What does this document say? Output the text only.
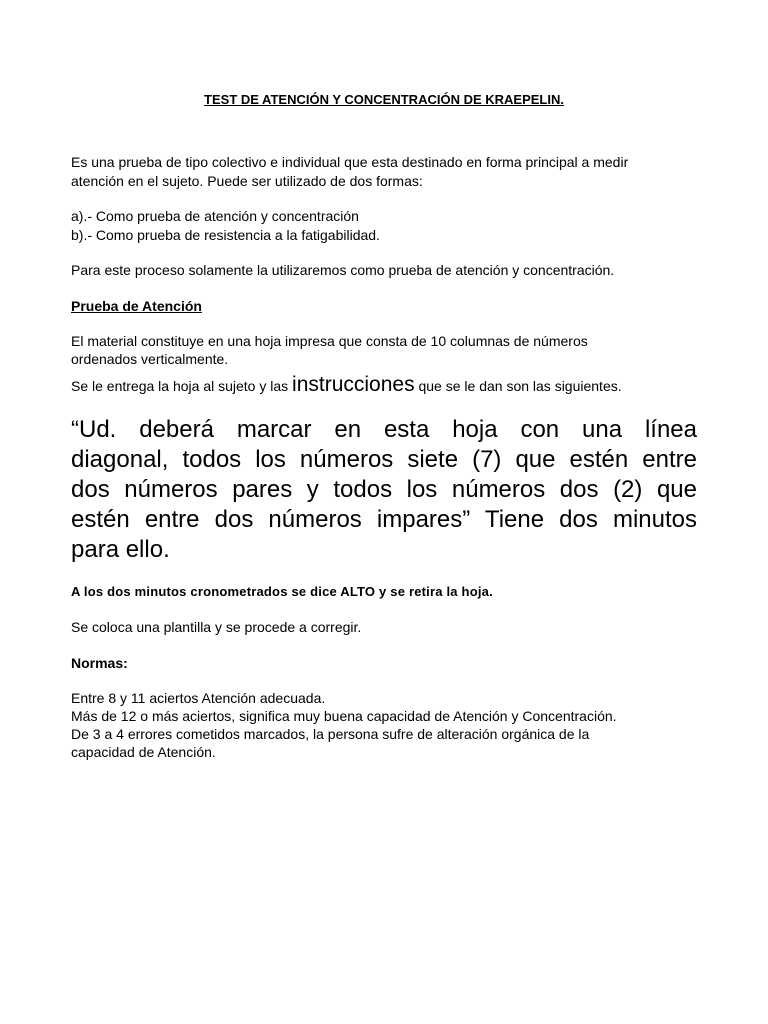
TEST DE ATENCIÓN Y CONCENTRACIÓN DE KRAEPELIN.
Es una prueba de tipo colectivo e individual que esta destinado en forma principal a medir
atención en el sujeto. Puede ser utilizado de dos formas:
a).- Como prueba de atención y concentración
b).- Como prueba de resistencia a la fatigabilidad.
Para este proceso solamente la utilizaremos como prueba de atención y concentración.
Prueba de Atención
El material constituye en una hoja impresa que consta de 10 columnas de números
ordenados verticalmente.
Se le entrega la hoja al sujeto y las instrucciones que se le dan son las siguientes.
“Ud. deberá marcar en esta hoja con una línea
diagonal, todos los números siete (7) que estén entre
dos números pares y todos los números dos (2) que
estén entre dos números impares” Tiene dos minutos
para ello.
A los dos minutos cronometrados se dice ALTO y se retira la hoja.
Se coloca una plantilla y se procede a corregir.
Normas:
Entre 8 y 11 aciertos Atención adecuada.
Más de 12 o más aciertos, significa muy buena capacidad de Atención y Concentración.
De 3 a 4 errores cometidos marcados, la persona sufre de alteración orgánica de la
capacidad de Atención.
